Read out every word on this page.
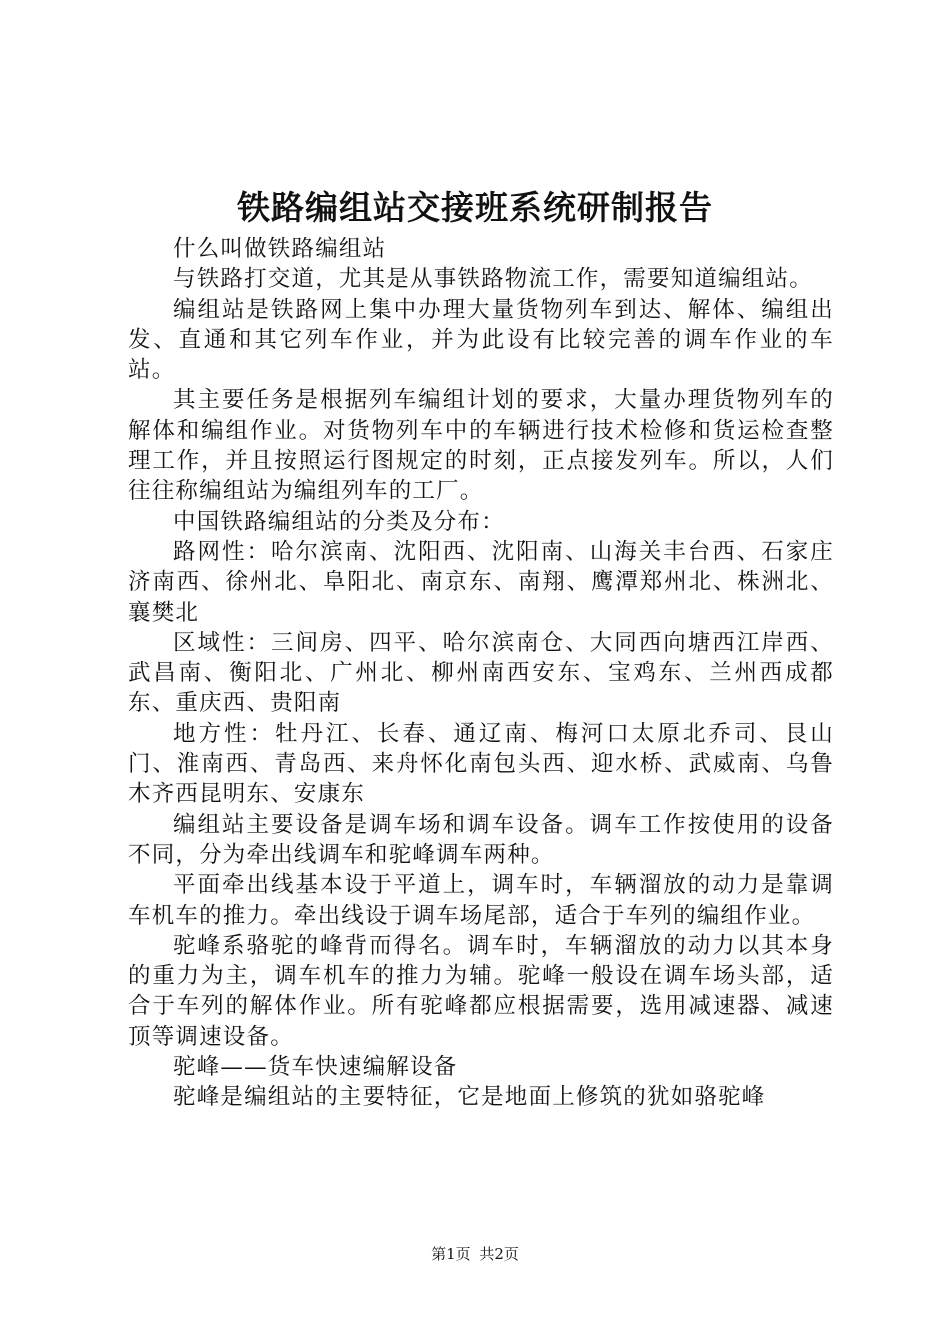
铁路编组站交接班系统研制报告

什么叫做铁路编组站

与铁路打交道，尤其是从事铁路物流工作，需要知道编组站。

编组站是铁路网上集中办理大量货物列车到达、解体、编组出发、直通和其它列车作业，并为此设有比较完善的调车作业的车站。

其主要任务是根据列车编组计划的要求，大量办理货物列车的解体和编组作业。对货物列车中的车辆进行技术检修和货运检查整理工作，并且按照运行图规定的时刻，正点接发列车。所以，人们往往称编组站为编组列车的工厂。

中国铁路编组站的分类及分布：

路网性：哈尔滨南、沈阳西、沈阳南、山海关丰台西、石家庄济南西、徐州北、阜阳北、南京东、南翔、鹰潭郑州北、株洲北、襄樊北

区域性：三间房、四平、哈尔滨南仓、大同西向塘西江岸西、武昌南、衡阳北、广州北、柳州南西安东、宝鸡东、兰州西成都东、重庆西、贵阳南

地方性：牡丹江、长春、通辽南、梅河口太原北乔司、艮山门、淮南西、青岛西、来舟怀化南包头西、迎水桥、武威南、乌鲁木齐西昆明东、安康东

编组站主要设备是调车场和调车设备。调车工作按使用的设备不同，分为牵出线调车和驼峰调车两种。

平面牵出线基本设于平道上，调车时，车辆溜放的动力是靠调车机车的推力。牵出线设于调车场尾部，适合于车列的编组作业。

驼峰系骆驼的峰背而得名。调车时，车辆溜放的动力以其本身的重力为主，调车机车的推力为辅。驼峰一般设在调车场头部，适合于车列的解体作业。所有驼峰都应根据需要，选用减速器、减速顶等调速设备。

驼峰——货车快速编解设备

驼峰是编组站的主要特征，它是地面上修筑的犹如骆驼峰

第1页 共2页
